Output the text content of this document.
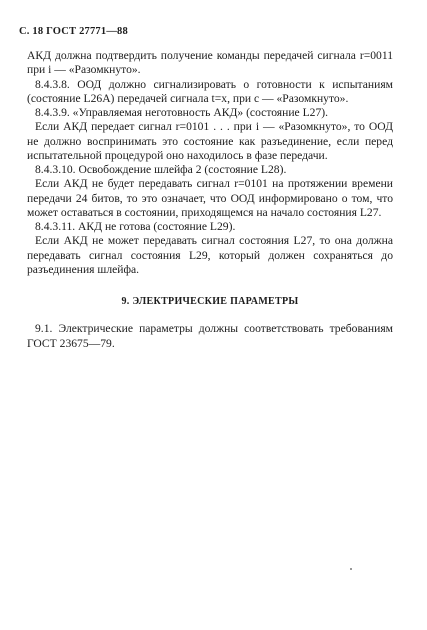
С. 18 ГОСТ 27771—88

АКД должна подтвердить получение команды передачей сигнала r=0011 при i — «Разомкнуто».

8.4.3.8. ООД должно сигнализировать о готовности к испытаниям (состояние L26A) передачей сигнала t=x, при c — «Разомкнуто».

8.4.3.9. «Управляемая неготовность АКД» (состояние L27).

Если АКД передает сигнал r=0101 . . . при i — «Разомкнуто», то ООД не должно воспринимать это состояние как разъединение, если перед испытательной процедурой оно находилось в фазе передачи.

8.4.3.10. Освобождение шлейфа 2 (состояние L28).

Если АКД не будет передавать сигнал r=0101 на протяжении времени передачи 24 битов, то это означает, что ООД информировано о том, что может оставаться в состоянии, приходящемся на начало состояния L27.

8.4.3.11. АКД не готова (состояние L29).

Если АКД не может передавать сигнал состояния L27, то она должна передавать сигнал состояния L29, который должен сохраняться до разъединения шлейфа.

9. ЭЛЕКТРИЧЕСКИЕ ПАРАМЕТРЫ

9.1. Электрические параметры должны соответствовать требованиям ГОСТ 23675—79.
